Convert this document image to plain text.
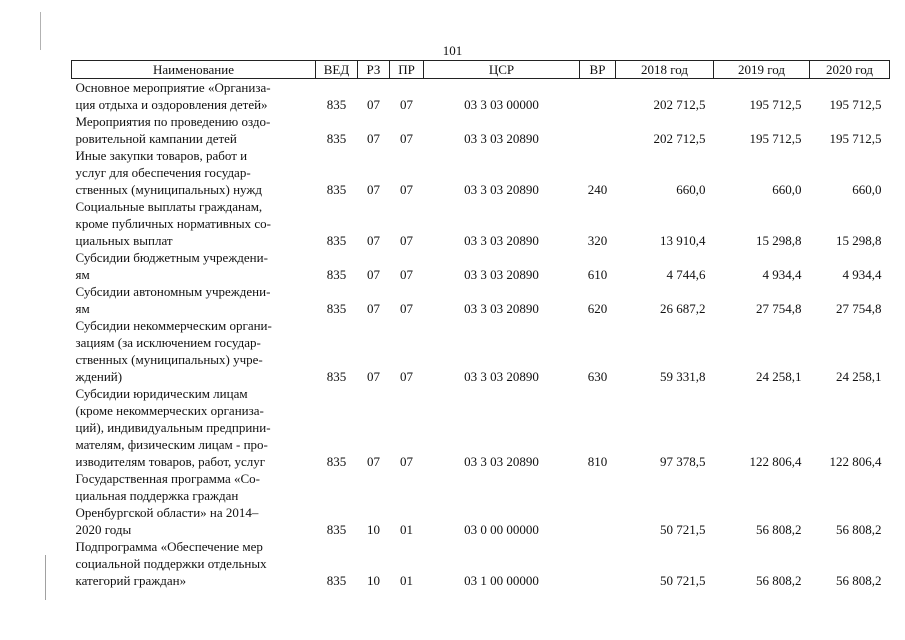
101
Наименование	ВЕД	РЗ	ПР	ЦСР	ВР	2018 год	2019 год	2020 год
Основное мероприятие «Организа-
ция отдыха и оздоровления детей»	835	07	07	03 3 03 00000		202 712,5	195 712,5	195 712,5
Мероприятия по проведению оздо-
ровительной кампании детей	835	07	07	03 3 03 20890		202 712,5	195 712,5	195 712,5
Иные закупки товаров, работ и
услуг для обеспечения государ-
ственных (муниципальных) нужд	835	07	07	03 3 03 20890	240	660,0	660,0	660,0
Социальные выплаты гражданам,
кроме публичных нормативных со-
циальных выплат	835	07	07	03 3 03 20890	320	13 910,4	15 298,8	15 298,8
Субсидии бюджетным учреждени-
ям	835	07	07	03 3 03 20890	610	4 744,6	4 934,4	4 934,4
Субсидии автономным учреждени-
ям	835	07	07	03 3 03 20890	620	26 687,2	27 754,8	27 754,8
Субсидии некоммерческим органи-
зациям (за исключением государ-
ственных (муниципальных) учре-
ждений)	835	07	07	03 3 03 20890	630	59 331,8	24 258,1	24 258,1
Субсидии юридическим лицам
(кроме некоммерческих организа-
ций), индивидуальным предприни-
мателям, физическим лицам - про-
изводителям товаров, работ, услуг	835	07	07	03 3 03 20890	810	97 378,5	122 806,4	122 806,4
Государственная программа «Со-
циальная поддержка граждан
Оренбургской области» на 2014–
2020 годы	835	10	01	03 0 00 00000		50 721,5	56 808,2	56 808,2
Подпрограмма «Обеспечение мер
социальной поддержки отдельных
категорий граждан»	835	10	01	03 1 00 00000		50 721,5	56 808,2	56 808,2
